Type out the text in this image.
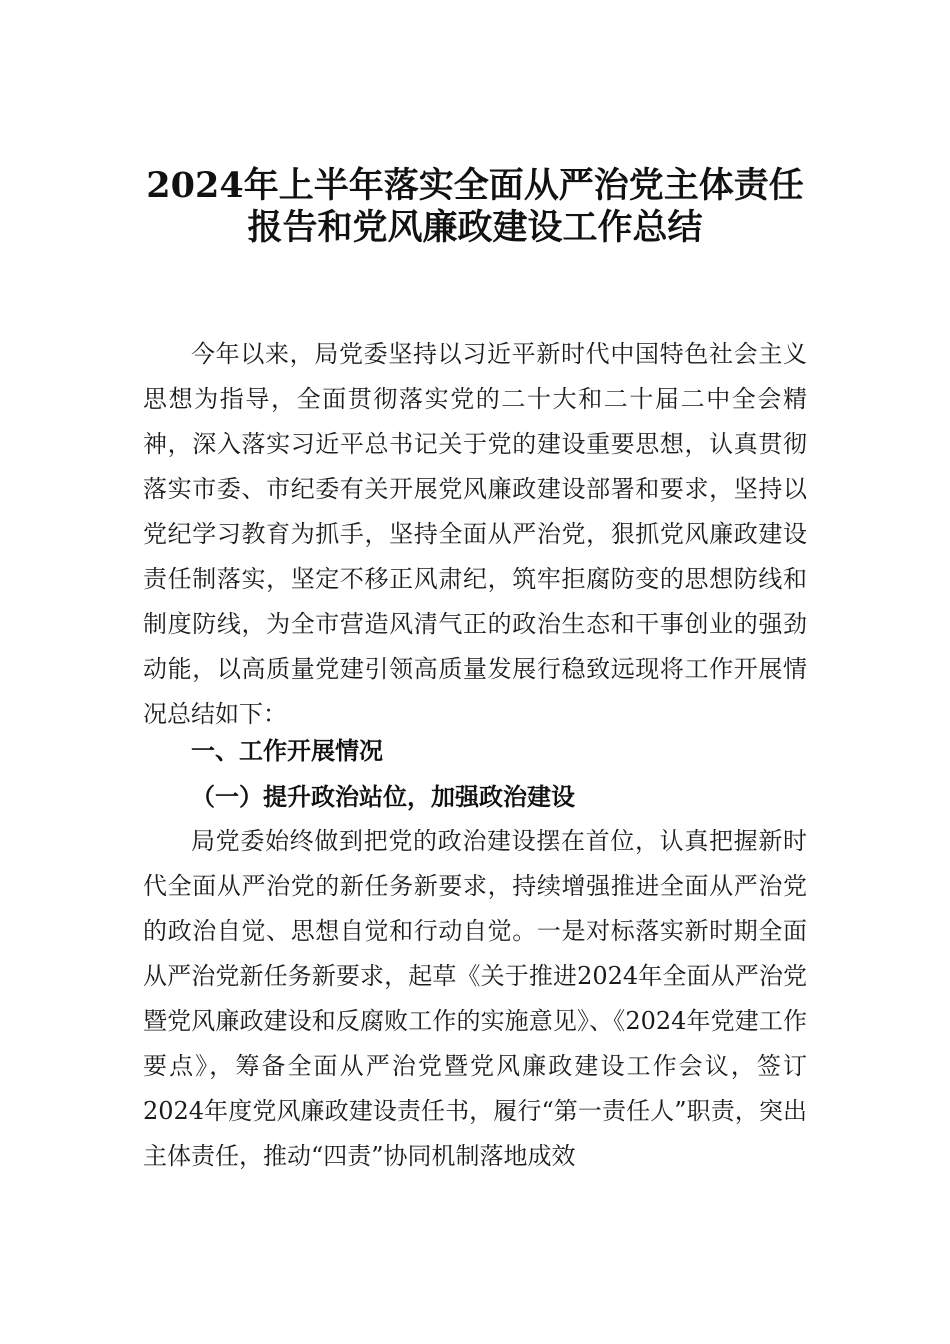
2024年上半年落实全面从严治党主体责任
报告和党风廉政建设工作总结

今年以来，局党委坚持以习近平新时代中国特色社会主义思想为指导，全面贯彻落实党的二十大和二十届二中全会精神，深入落实习近平总书记关于党的建设重要思想，认真贯彻落实市委、市纪委有关开展党风廉政建设部署和要求，坚持以党纪学习教育为抓手，坚持全面从严治党，狠抓党风廉政建设责任制落实，坚定不移正风肃纪，筑牢拒腐防变的思想防线和制度防线，为全市营造风清气正的政治生态和干事创业的强劲动能，以高质量党建引领高质量发展行稳致远现将工作开展情况总结如下：

一、工作开展情况
（一）提升政治站位，加强政治建设

局党委始终做到把党的政治建设摆在首位，认真把握新时代全面从严治党的新任务新要求，持续增强推进全面从严治党的政治自觉、思想自觉和行动自觉。一是对标落实新时期全面从严治党新任务新要求，起草《关于推进2024年全面从严治党暨党风廉政建设和反腐败工作的实施意见》、《2024年党建工作要点》，筹备全面从严治党暨党风廉政建设工作会议，签订2024年度党风廉政建设责任书，履行“第一责任人”职责，突出主体责任，推动“四责”协同机制落地成效
